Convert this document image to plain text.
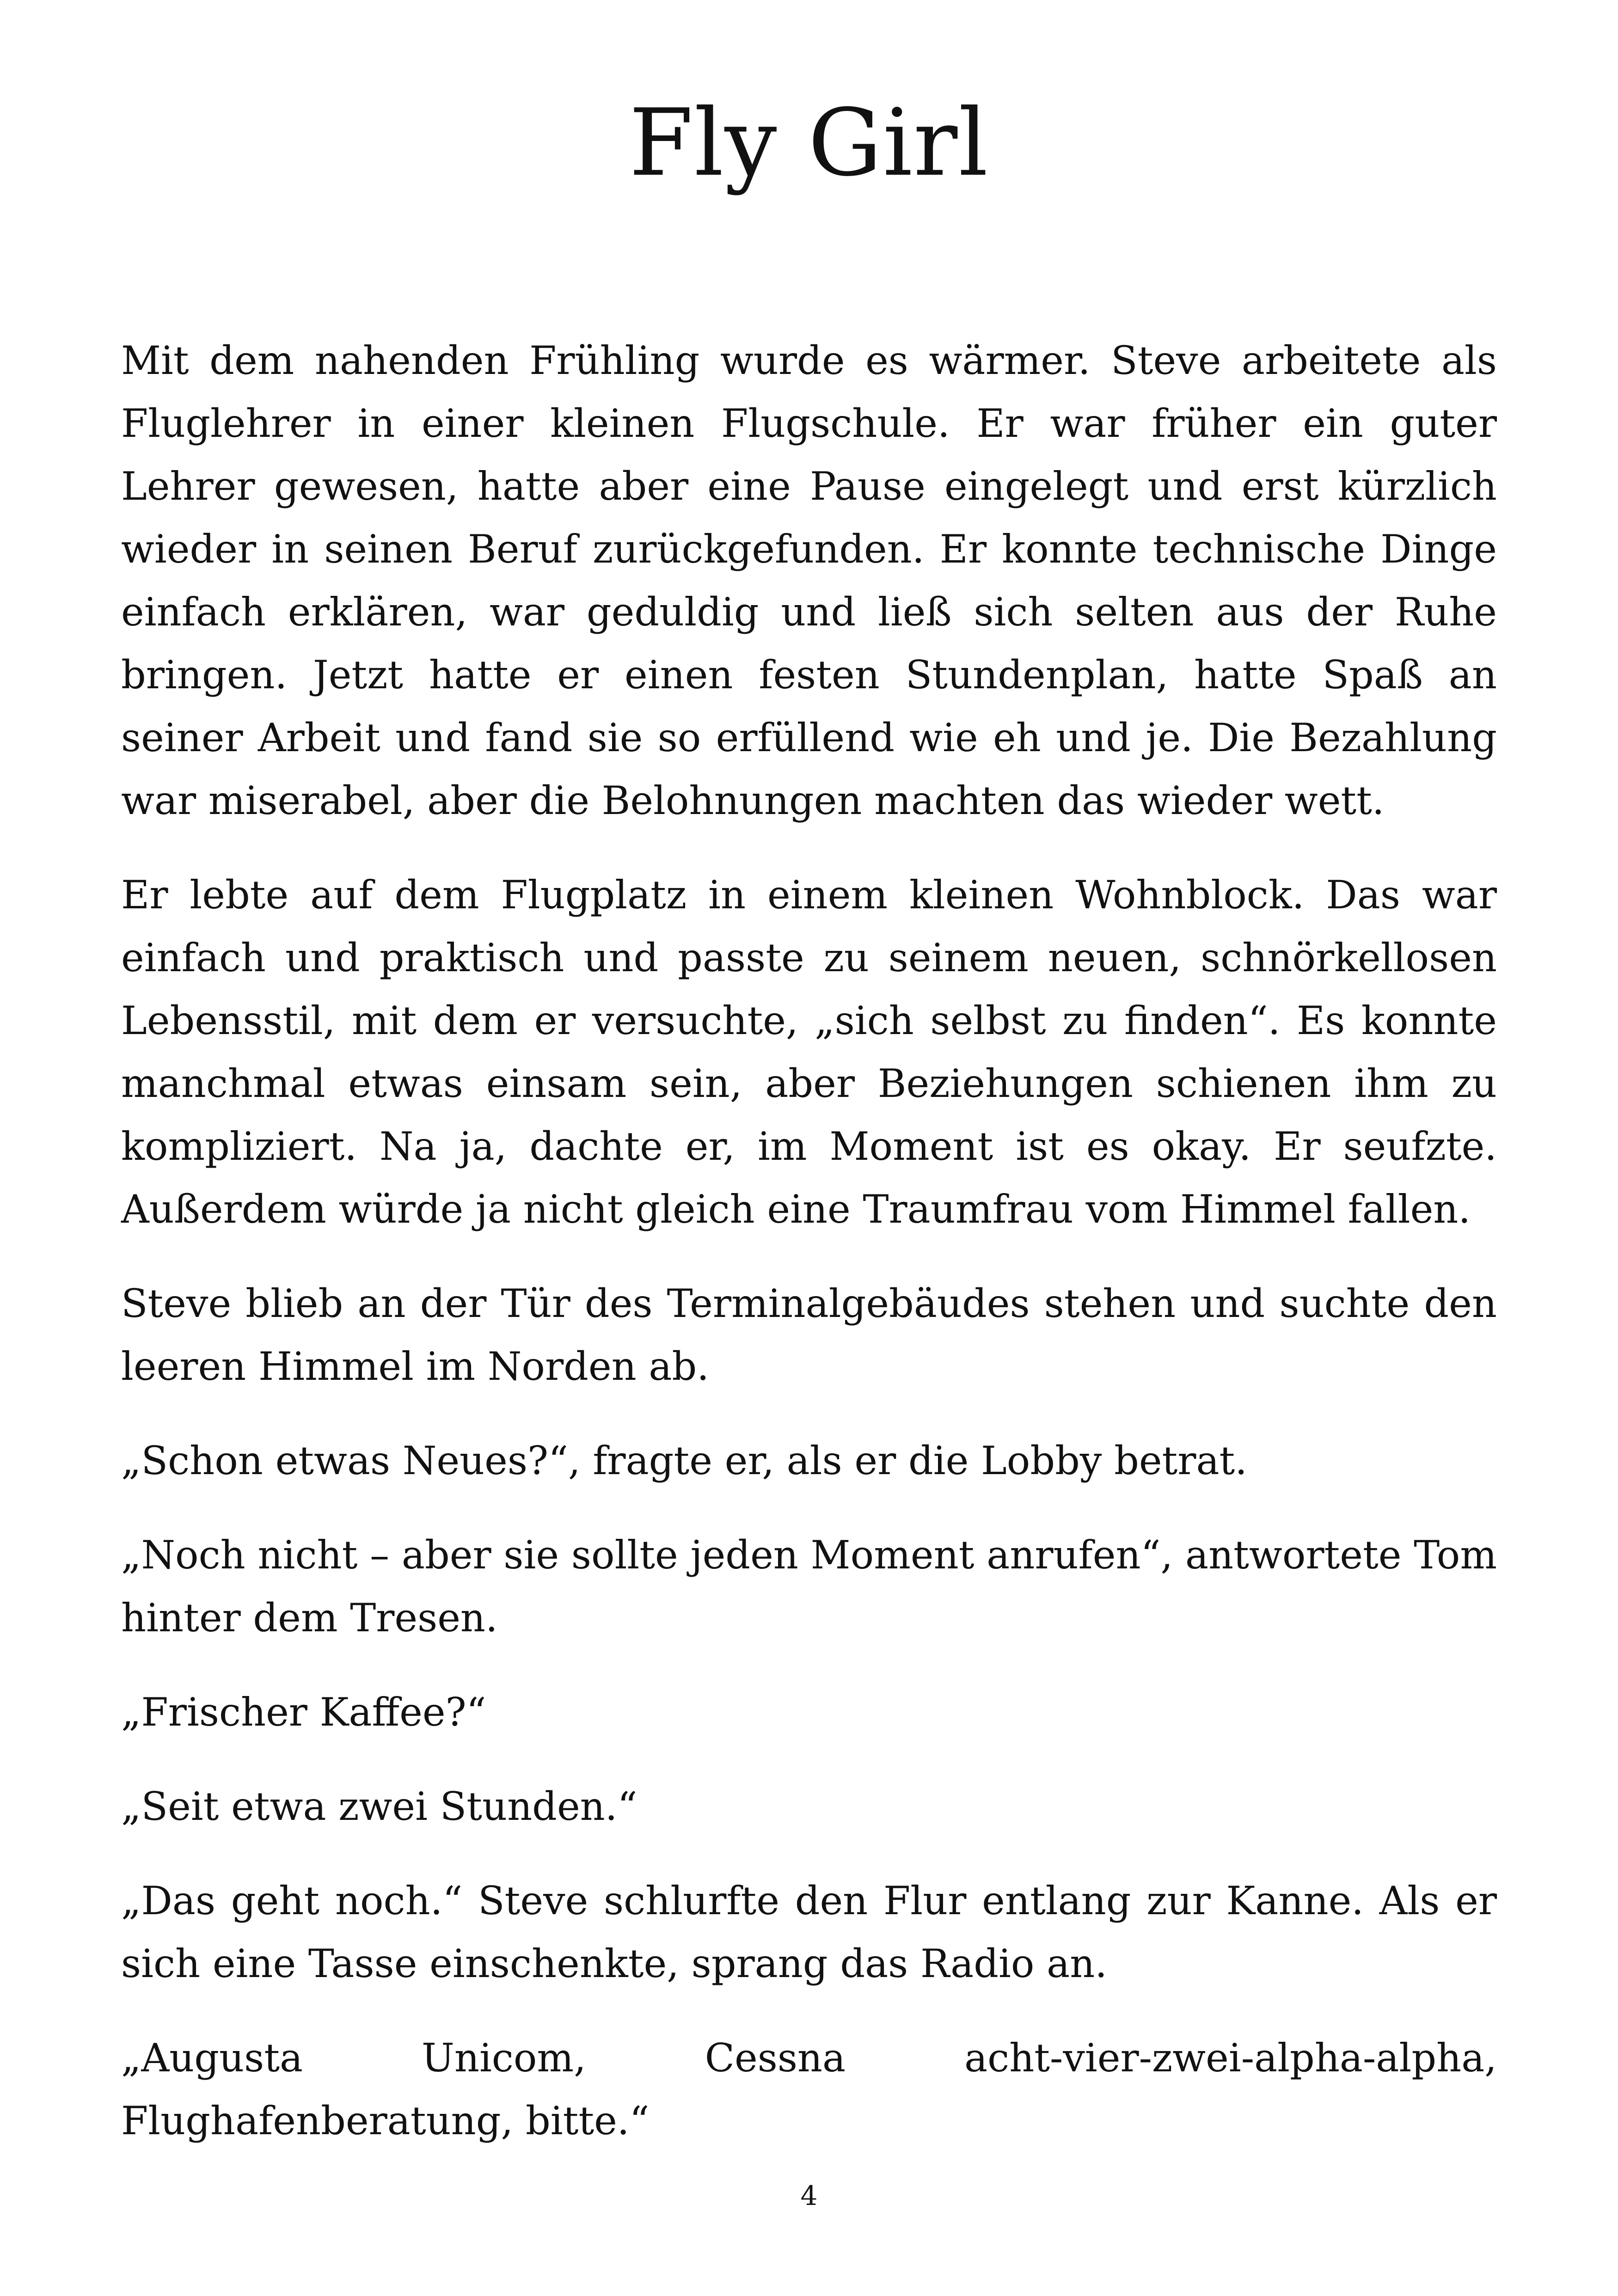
Fly Girl

Mit dem nahenden Frühling wurde es wärmer. Steve arbeitete als Fluglehrer in einer kleinen Flugschule. Er war früher ein guter Lehrer gewesen, hatte aber eine Pause eingelegt und erst kürzlich wieder in seinen Beruf zurückgefunden. Er konnte technische Dinge einfach erklären, war geduldig und ließ sich selten aus der Ruhe bringen. Jetzt hatte er einen festen Stundenplan, hatte Spaß an seiner Arbeit und fand sie so erfüllend wie eh und je. Die Bezahlung war miserabel, aber die Belohnungen machten das wieder wett.

Er lebte auf dem Flugplatz in einem kleinen Wohnblock. Das war einfach und praktisch und passte zu seinem neuen, schnörkellosen Lebensstil, mit dem er versuchte, „sich selbst zu finden“. Es konnte manchmal etwas einsam sein, aber Beziehungen schienen ihm zu kompliziert. Na ja, dachte er, im Moment ist es okay. Er seufzte. Außerdem würde ja nicht gleich eine Traumfrau vom Himmel fallen.

Steve blieb an der Tür des Terminalgebäudes stehen und suchte den leeren Himmel im Norden ab.

„Schon etwas Neues?“, fragte er, als er die Lobby betrat.

„Noch nicht – aber sie sollte jeden Moment anrufen“, antwortete Tom hinter dem Tresen.

„Frischer Kaffee?“

„Seit etwa zwei Stunden.“

„Das geht noch.“ Steve schlurfte den Flur entlang zur Kanne. Als er sich eine Tasse einschenkte, sprang das Radio an.

„Augusta Unicom, Cessna acht-vier-zwei-alpha-alpha, Flughafenberatung, bitte.“

4
